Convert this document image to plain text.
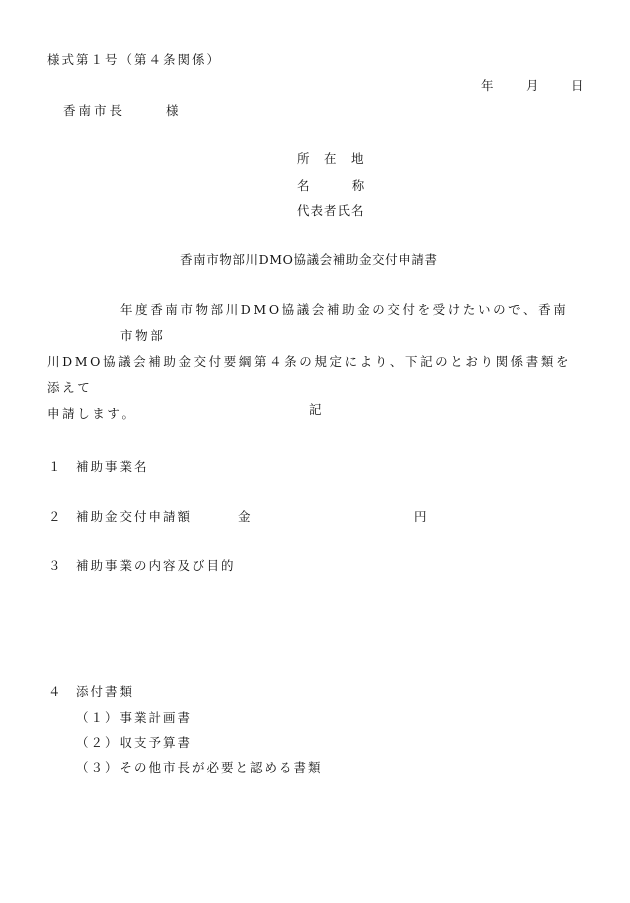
様式第１号（第４条関係）
年 月 日
香南市長	様
所　在　地
名　　　称
代表者氏名
香南市物部川DMO協議会補助金交付申請書
年度香南市物部川DMO協議会補助金の交付を受けたいので、香南市物部
川DMO協議会補助金交付要綱第４条の規定により、下記のとおり関係書類を添えて
申請します。	記
１ 補助事業名
２ 補助金交付申請額	金	円
３ 補助事業の内容及び目的
４ 添付書類
（１）事業計画書
（２）収支予算書
（３）その他市長が必要と認める書類
